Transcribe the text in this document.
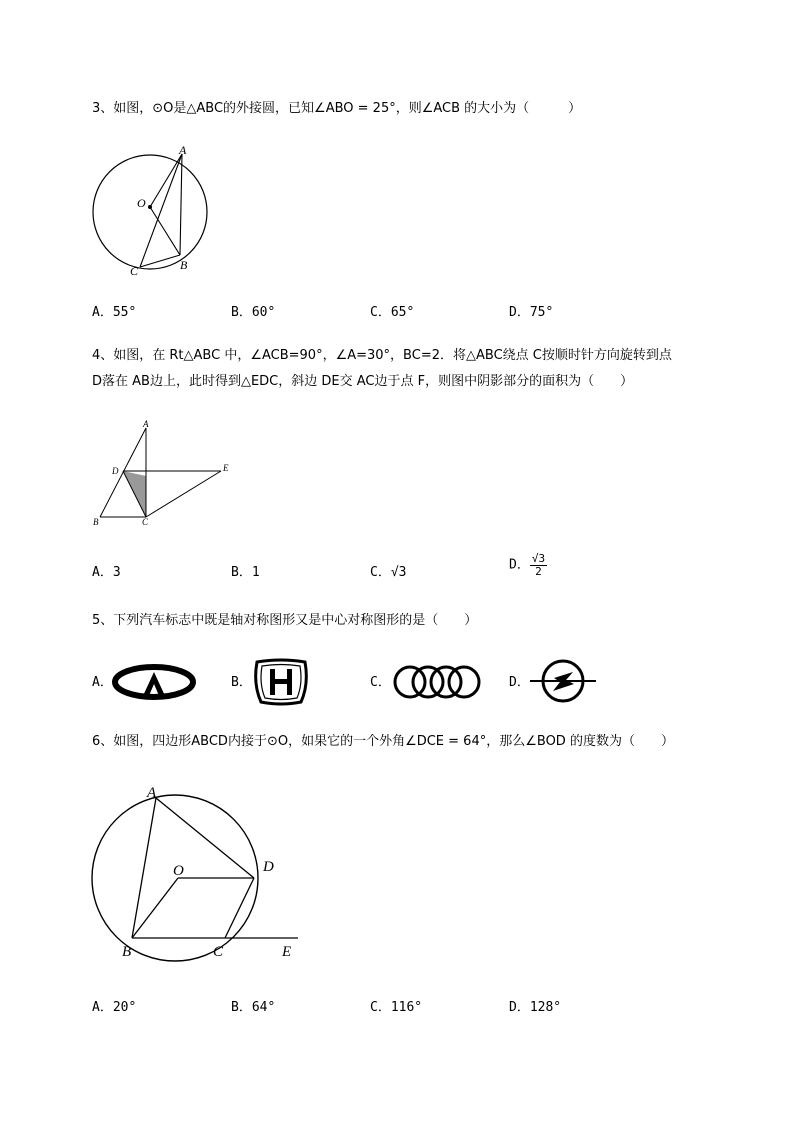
3、如图，⊙O是△ABC的外接圆，已知∠ABO = 25°，则∠ACB 的大小为（　　　）
A
O
B
C
A．55°	B．60°	C．65°	D．75°
4、如图，在 Rt△ABC 中，∠ACB=90°，∠A=30°，BC=2．将△ABC绕点 C按顺时针方向旋转到点
D落在 AB边上，此时得到△EDC，斜边 DE交 AC边于点 F，则图中阴影部分的面积为（　　）
A
D	E
B	C
A．3	B．1	C．√3	D． $\frac{√3}{2}$
5、下列汽车标志中既是轴对称图形又是中心对称图形的是（　　）
A．	B．	C．	D．
6、如图，四边形ABCD内接于⊙O，如果它的一个外角∠DCE = 64°，那么∠BOD 的度数为（　　）
A
O	D
B	C	E
A．20°	B．64°	C．116°	D．128°
